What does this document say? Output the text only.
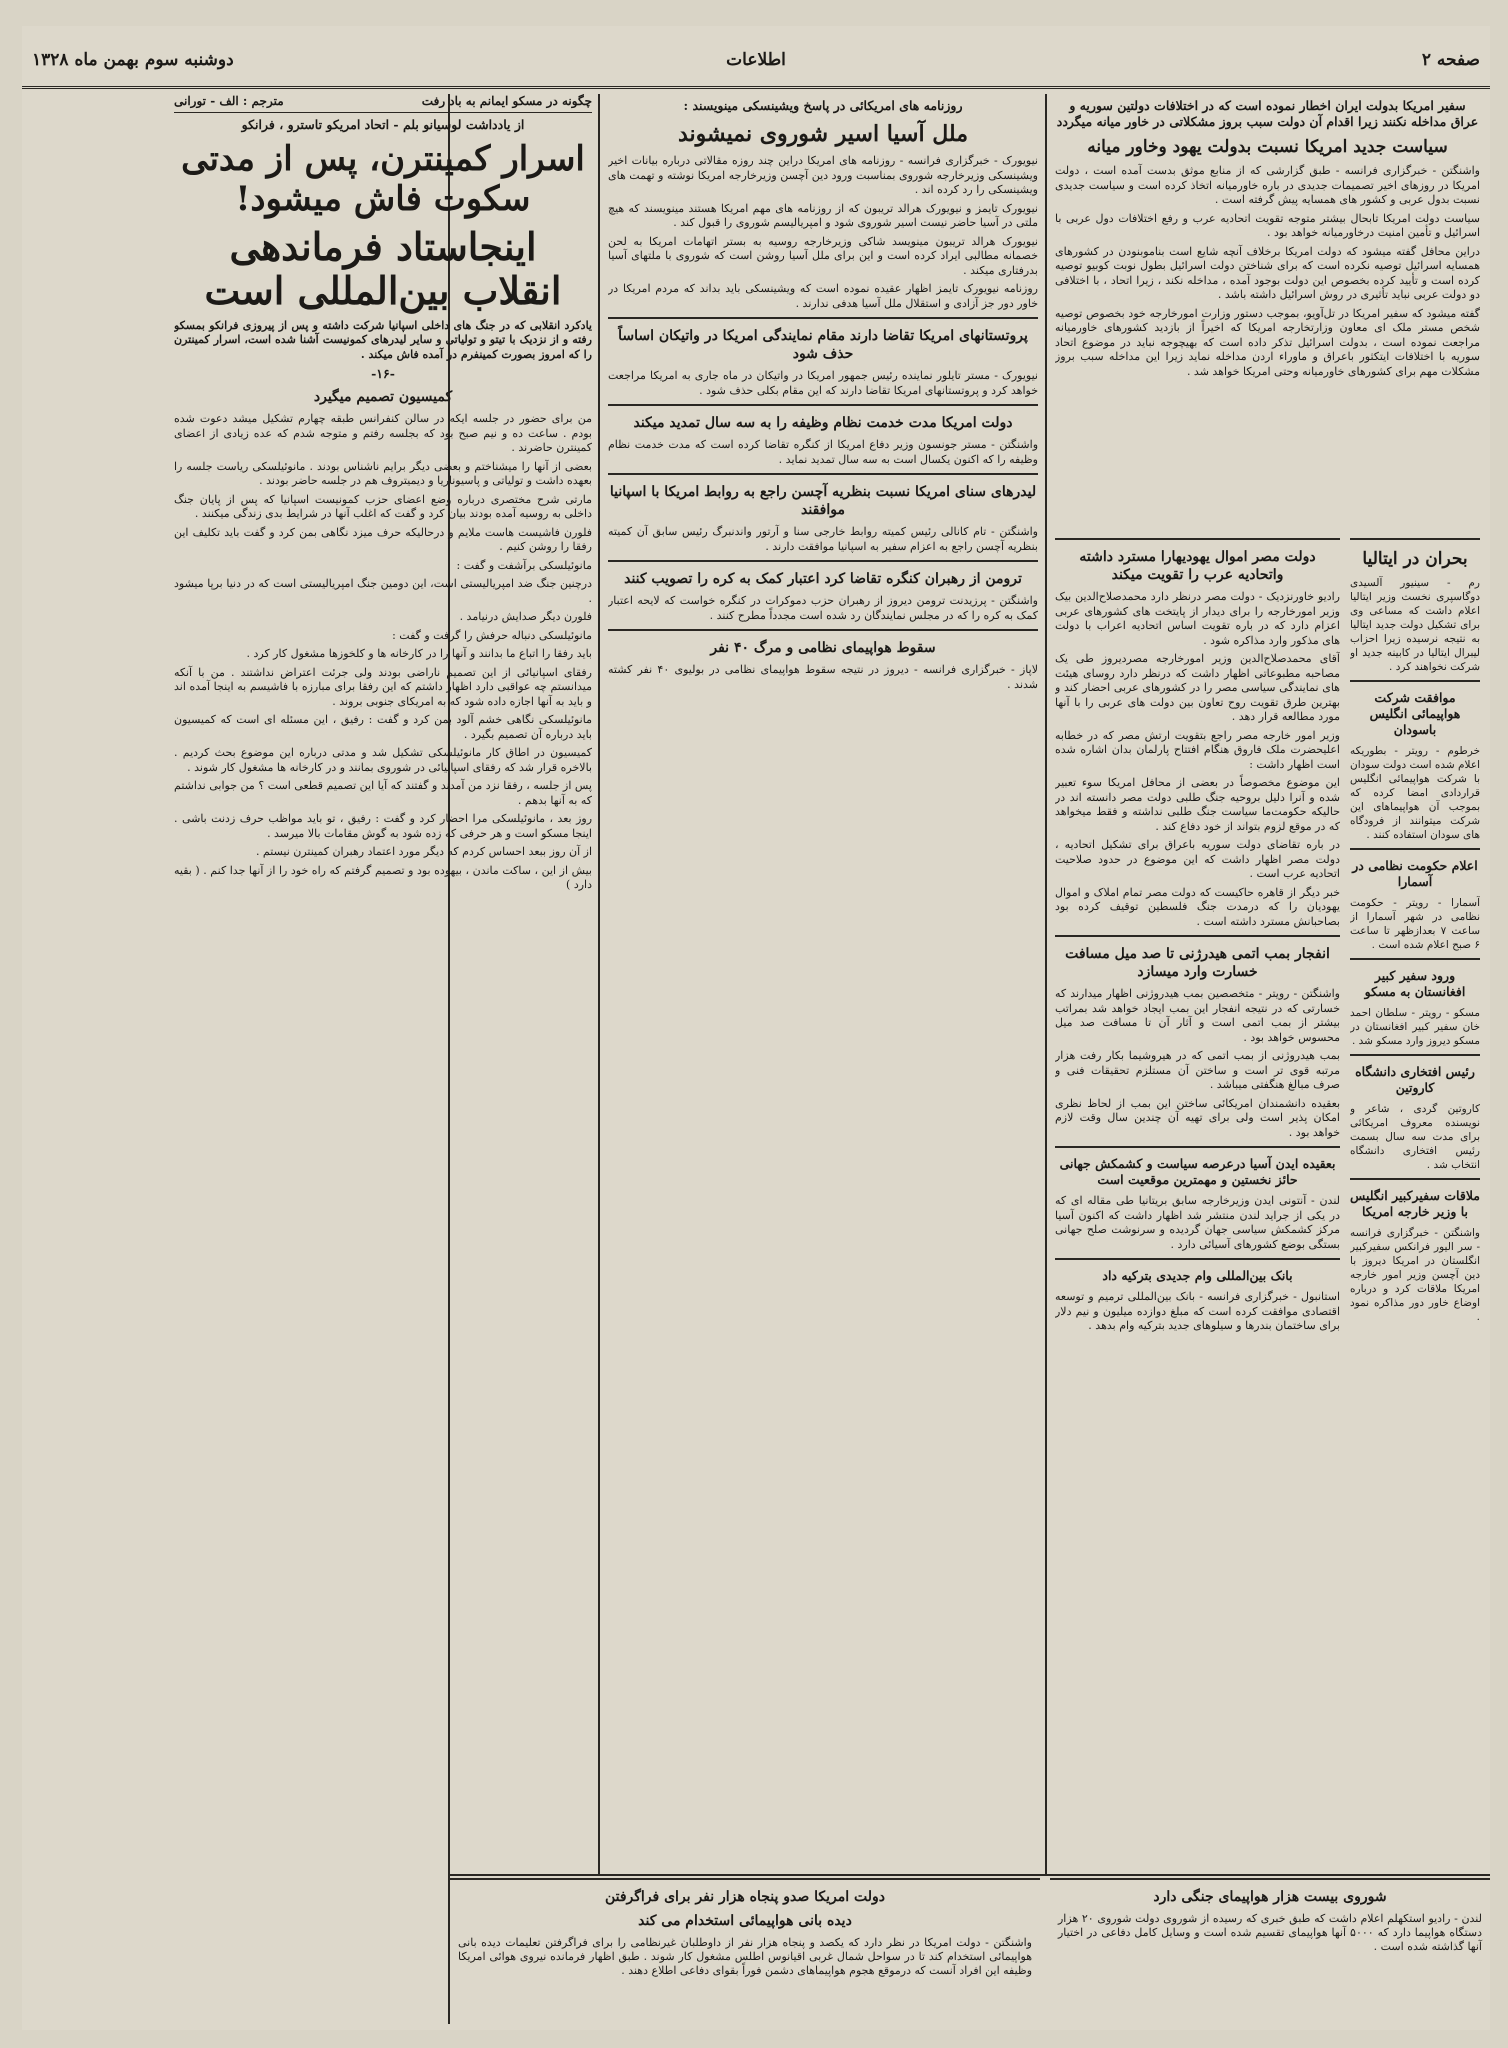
صفحه ۲
اطلاعات
دوشنبه سوم بهمن ماه ۱۳۲۸
سفیر امریکا بدولت ایران اخطار نموده است که در اختلافات دولتین سوریه و عراق مداخله نکنند زیرا اقدام آن دولت سبب بروز مشکلاتی در خاور میانه میگردد
سیاست جدید امریکا نسبت بدولت یهود وخاور میانه

واشنگتن - خبرگزاری فرانسه - طبق گزارشی که از منابع موثق بدست آمده است ، دولت امریکا در روزهای اخیر تصمیمات جدیدی در باره خاورمیانه اتخاذ کرده است و سیاست جدیدی نسبت بدول عربی و کشور های همسایه پیش گرفته است .

سیاست دولت امریکا تابحال بیشتر متوجه تقویت اتحادیه عرب و رفع اختلافات دول عربی با اسرائیل و تأمین امنیت درخاورمیانه خواهد بود .

دراین محافل گفته میشود که دولت امریکا برخلاف آنچه شایع است بناموبنودن در کشورهای همسایه اسرائیل توصیه نکرده است که برای شناختن دولت اسرائیل بطول نوبت کوبیو توصیه کرده است و تأیید کرده بخصوص این دولت بوجود آمده ، مداخله نکند ، زیرا اتحاد ، با اختلافی دو دولت عربی نباید تأثیری در روش اسرائیل داشته باشد .

گفته میشود که سفیر امریکا در تل‌آویو، بموجب دستور وزارت امورخارجه خود بخصوص توصیه شخص مستر ملک ای معاون وزارتخارجه امریکا که اخیراً از بازدید کشورهای خاورمیانه مراجعت نموده است ، بدولت اسرائیل تذکر داده است که بهیچوجه نباید در موضوع اتحاد سوریه با اختلافات ایتکثور باعراق و ماوراء اردن مداخله نماید زیرا این مداخله سبب بروز مشکلات مهم برای کشورهای خاورمیانه وحتی امریکا خواهد شد .

بحران در ایتالیا

رم - سینیور آلسیدی دوگاسپری نخست وزیر ایتالیا اعلام داشت که مساعی وی برای تشکیل دولت جدید ایتالیا به نتیجه نرسیده زیرا احزاب لیبرال ایتالیا در کابینه جدید او شرکت نخواهند کرد .

موافقت شرکت هواپیمائی انگلیس باسودان

خرطوم - رویتر - بطوریکه اعلام شده است دولت سودان با شرکت هواپیمائی انگلیس قراردادی امضا کرده که بموجب آن هواپیماهای این شرکت میتوانند از فرودگاه های سودان استفاده کنند .

اعلام حکومت نظامی در آسمارا

آسمارا - رویتر - حکومت نظامی در شهر آسمارا از ساعت ۷ بعدازظهر تا ساعت ۶ صبح اعلام شده است .

ورود سفیر کبیر افغانستان به مسکو

مسکو - رویتر - سلطان احمد خان سفیر کبیر افغانستان در مسکو دیروز وارد مسکو شد .

رئیس افتخاری دانشگاه کاروتین

کاروتین گردی ، شاعر و نویسنده معروف امریکائی برای مدت سه سال بسمت رئیس افتخاری دانشگاه انتخاب شد .

ملاقات سفیرکبیر انگلیس با وزیر خارجه امریکا

واشنگتن - خبرگزاری فرانسه - سر الیور فرانکس سفیرکبیر انگلستان در امریکا دیروز با دین آچسن وزیر امور خارجه امریکا ملاقات کرد و درباره اوضاع خاور دور مذاکره نمود .

دولت مصر اموال یهودیهارا مسترد داشته واتحادیه عرب را تقویت میکند

رادیو خاورنزدیک - دولت مصر درنظر دارد محمدصلاح‌الدین بیک وزیر امورخارجه را برای دیدار از پایتخت های کشورهای عربی اعزام دارد که در باره تقویت اساس اتحادیه اعراب با دولت های مذکور وارد مذاکره شود .

آقای محمدصلاح‌الدین وزیر امورخارجه مصردیروز طی یک مصاحبه مطبوعاتی اظهار داشت که درنظر دارد روسای هیئت های نمایندگی سیاسی مصر را در کشورهای عربی احضار کند و بهترین طرق تقویت روح تعاون بین دولت های عربی را با آنها مورد مطالعه قرار دهد .

وزیر امور خارجه مصر راجع بتقویت ارتش مصر که در خطابه اعلیحضرت ملک فاروق هنگام افتتاح پارلمان بدان اشاره شده است اظهار داشت :

این موضوع مخصوصاً در بعضی از محافل امریکا سوء تعبیر شده و آنرا دلیل بروحیه جنگ طلبی دولت مصر دانسته اند در حالیکه حکومت‌ما سیاست جنگ طلبی نداشته و فقط میخواهد که در موقع لزوم بتواند از خود دفاع کند .

در باره تقاضای دولت سوریه باعراق برای تشکیل اتحادیه ، دولت مصر اظهار داشت که این موضوع در حدود صلاحیت اتحادیه عرب است .

خبر دیگر از قاهره حاکیست که دولت مصر تمام املاک و اموال یهودیان را که درمدت جنگ فلسطین توقیف کرده بود بصاحبانش مسترد داشته است .

انفجار بمب اتمی هیدرژنی تا صد میل مسافت خسارت وارد میسازد

واشنگتن - رویتر - متخصصین بمب هیدروژنی اظهار میدارند که خسارتی که در نتیجه انفجار این بمب ایجاد خواهد شد بمراتب بیشتر از بمب اتمی است و آثار آن تا مسافت صد میل محسوس خواهد بود .

بمب هیدروژنی از بمب اتمی که در هیروشیما بکار رفت هزار مرتبه قوی تر است و ساختن آن مستلزم تحقیقات فنی و صرف مبالغ هنگفتی میباشد .

بعقیده دانشمندان امریکائی ساختن این بمب از لحاظ نظری امکان پذیر است ولی برای تهیه آن چندین سال وقت لازم خواهد بود .

بعقیده ایدن آسیا درعرصه سیاست و کشمکش جهانی حائز نخستین و مهمترین موقعیت است

لندن - آنتونی ایدن وزیرخارجه سابق بریتانیا طی مقاله ای که در یکی از جراید لندن منتشر شد اظهار داشت که اکنون آسیا مرکز کشمکش سیاسی جهان گردیده و سرنوشت صلح جهانی بستگی بوضع کشورهای آسیائی دارد .

بانک بین‌المللی وام جدیدی بترکیه داد

استانبول - خبرگزاری فرانسه - بانک بین‌المللی ترمیم و توسعه اقتصادی موافقت کرده است که مبلغ دوازده میلیون و نیم دلار برای ساختمان بندرها و سیلوهای جدید بترکیه وام بدهد .

روزنامه های امریکائی در پاسخ ویشینسکی مینویسند :
ملل آسیا اسیر شوروی نمیشوند

نیویورک - خبرگزاری فرانسه - روزنامه های امریکا دراین چند روزه مقالاتی درباره بیانات اخیر ویشینسکی وزیرخارجه شوروی بمناسبت ورود دین آچسن وزیرخارجه امریکا نوشته و تهمت های ویشینسکی را رد کرده اند .

نیویورک تایمز و نیویورک هرالد تریبون که از روزنامه های مهم امریکا هستند مینویسند که هیچ ملتی در آسیا حاضر نیست اسیر شوروی شود و امپریالیسم شوروی را قبول کند .

نیویورک هرالد تریبون مینویسد شاکی وزیرخارجه روسیه به بستر اتهامات امریکا به لحن خصمانه مطالبی ایراد کرده است و این برای ملل آسیا روشن است که شوروی با ملتهای آسیا بدرفتاری میکند .

روزنامه نیویورک تایمز اظهار عقیده نموده است که ویشینسکی باید بداند که مردم امریکا در خاور دور جز آزادی و استقلال ملل آسیا هدفی ندارند .

پروتستانهای امریکا تقاضا دارند مقام نمایندگی امریکا در واتیکان اساساً حذف شود

نیویورک - مستر تایلور نماینده رئیس جمهور امریکا در واتیکان در ماه جاری به امریکا مراجعت خواهد کرد و پروتستانهای امریکا تقاضا دارند که این مقام بکلی حذف شود .

دولت امریکا مدت خدمت نظام وظیفه را به سه سال تمدید میکند

واشنگتن - مستر جونسون وزیر دفاع امریکا از کنگره تقاضا کرده است که مدت خدمت نظام وظیفه را که اکنون یکسال است به سه سال تمدید نماید .

لیدرهای سنای امریکا نسبت بنظریه آچسن راجع به روابط امریکا با اسپانیا موافقند

واشنگتن - تام کانالی رئیس کمیته روابط خارجی سنا و آرتور واندنبرگ رئیس سابق آن کمیته بنظریه آچسن راجع به اعزام سفیر به اسپانیا موافقت دارند .

ترومن از رهبران کنگره تقاضا کرد اعتبار کمک به کره را تصویب کنند

واشنگتن - پرزیدنت ترومن دیروز از رهبران حزب دموکرات در کنگره خواست که لایحه اعتبار کمک به کره را که در مجلس نمایندگان رد شده است مجدداً مطرح کنند .

سقوط هواپیمای نظامی و مرگ ۴۰ نفر

لاپاز - خبرگزاری فرانسه - دیروز در نتیجه سقوط هواپیمای نظامی در بولیوی ۴۰ نفر کشته شدند .

چگونه در مسکو ایمانم به باد رفت
مترجم : الف - تورانی
از یادداشت لوسیانو بلم - اتحاد امریکو تاسترو ، فرانکو
اسرار کمینترن، پس از مدتی سکوت فاش میشود!
اینجاستاد فرماندهی انقلاب بین‌المللی است

یادکرد انقلابی که در جنگ های داخلی اسپانیا شرکت داشته و پس از پیروزی فرانکو بمسکو رفته و از نزدیک با تیتو و تولیاتی و سایر لیدرهای کمونیست آشنا شده است، اسرار کمینترن را که امروز بصورت کمینفرم در آمده فاش میکند .

-۱۶-
کمیسیون تصمیم میگیرد

من برای حضور در جلسه ایکه در سالن کنفرانس طبقه چهارم تشکیل میشد دعوت شده بودم . ساعت ده و نیم صبح بود که بجلسه رفتم و متوجه شدم که عده زیادی از اعضای کمینترن حاضرند .

بعضی از آنها را میشناختم و بعضی دیگر برایم ناشناس بودند . مانوئیلسکی ریاست جلسه را بعهده داشت و تولیاتی و پاسیوناریا و دیمیتروف هم در جلسه حاضر بودند .

مارتی شرح مختصری درباره وضع اعضای حزب کمونیست اسپانیا که پس از پایان جنگ داخلی به روسیه آمده بودند بیان کرد و گفت که اغلب آنها در شرایط بدی زندگی میکنند .

فلورن فاشیست هاست ملایم و درحالیکه حرف میزد نگاهی بمن کرد و گفت باید تکلیف این رفقا را روشن کنیم .

مانوئیلسکی برآشفت و گفت :

درچنین جنگ ضد امپریالیستی است، این دومین جنگ امپریالیستی است که در دنیا برپا میشود .

فلورن دیگر صدایش درنیامد .

مانوئیلسکی دنباله حرفش را گرفت و گفت :

باید رفقا را اتباع ما بدانند و آنها را در کارخانه ها و کلخوزها مشغول کار کرد .

رفقای اسپانیائی از این تصمیم ناراضی بودند ولی جرئت اعتراض نداشتند . من با آنکه میدانستم چه عواقبی دارد اظهار داشتم که این رفقا برای مبارزه با فاشیسم به اینجا آمده اند و باید به آنها اجازه داده شود که به امریکای جنوبی بروند .

مانوئیلسکی نگاهی خشم آلود بمن کرد و گفت : رفیق ، این مسئله ای است که کمیسیون باید درباره آن تصمیم بگیرد .

کمیسیون در اطاق کار مانوئیلسکی تشکیل شد و مدتی درباره این موضوع بحث کردیم . بالاخره قرار شد که رفقای اسپانیائی در شوروی بمانند و در کارخانه ها مشغول کار شوند .

پس از جلسه ، رفقا نزد من آمدند و گفتند که آیا این تصمیم قطعی است ؟ من جوابی نداشتم که به آنها بدهم .

روز بعد ، مانوئیلسکی مرا احضار کرد و گفت : رفیق ، تو باید مواظب حرف زدنت باشی . اینجا مسکو است و هر حرفی که زده شود به گوش مقامات بالا میرسد .

از آن روز ببعد احساس کردم که دیگر مورد اعتماد رهبران کمینترن نیستم .

بیش از این ، ساکت ماندن ، بیهوده بود و تصمیم گرفتم که راه خود را از آنها جدا کنم . ( بقیه دارد )

دولت امریکا صدو پنجاه هزار نفر برای فراگرفتن
دیده بانی هواپیمائی استخدام می کند

واشنگتن - دولت امریکا در نظر دارد که یکصد و پنجاه هزار نفر از داوطلبان غیرنظامی را برای فراگرفتن تعلیمات دیده بانی هواپیمائی استخدام کند تا در سواحل شمال غربی اقیانوس اطلس مشغول کار شوند . طبق اظهار فرمانده نیروی هوائی امریکا وظیفه این افراد آنست که درموقع هجوم هواپیماهای دشمن فوراً بقوای دفاعی اطلاع دهند .

شوروی بیست هزار هواپیمای جنگی دارد

لندن - رادیو استکهلم اعلام داشت که طبق خبری که رسیده از شوروی دولت شوروی ۲۰ هزار دستگاه هواپیما دارد که ۵۰۰۰ آنها هواپیمای تقسیم شده است و وسایل کامل دفاعی در اختیار آنها گذاشته شده است .
